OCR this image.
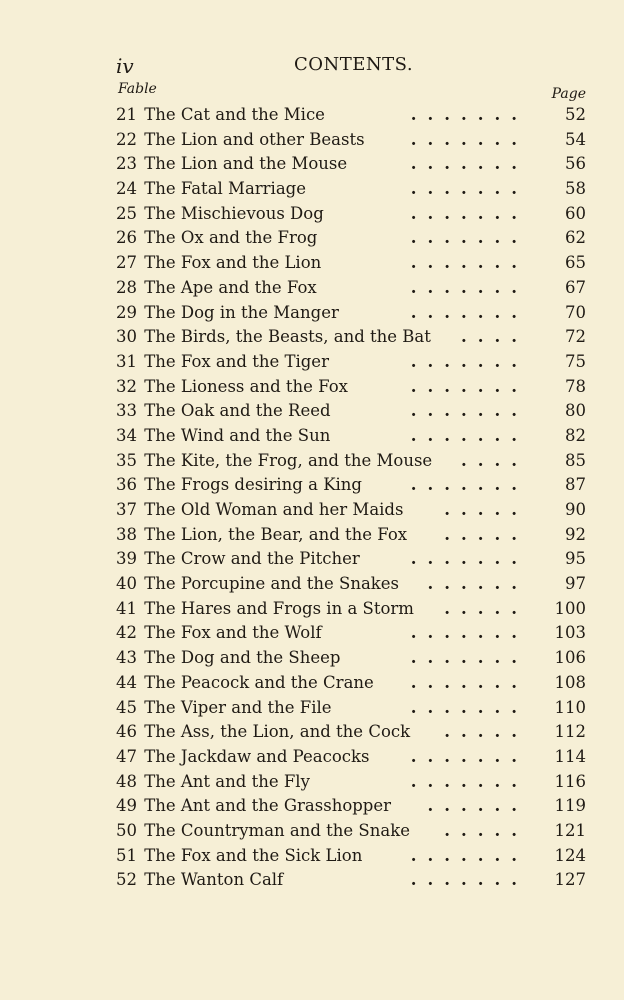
iv	CONTENTS.
Fable	Page
21 The Cat and the Mice	.......	52
22 The Lion and other Beasts	.......	54
23 The Lion and the Mouse	.......	56
24 The Fatal Marriage	.......	58
25 The Mischievous Dog	.......	60
26 The Ox and the Frog	.......	62
27 The Fox and the Lion	.......	65
28 The Ape and the Fox	.......	67
29 The Dog in the Manger	.......	70
30 The Birds, the Beasts, and the Bat ....	72
31 The Fox and the Tiger	.......	75
32 The Lioness and the Fox	.......	78
33 The Oak and the Reed	.......	80
34 The Wind and the Sun	.......	82
35 The Kite, the Frog, and the Mouse ....	85
36 The Frogs desiring a King	.......	87
37 The Old Woman and her Maids .....	90
38 The Lion, the Bear, and the Fox .....	92
39 The Crow and the Pitcher	.......	95
40 The Porcupine and the Snakes ......	97
41 The Hares and Frogs in a Storm .....	100
42 The Fox and the Wolf	.......	103
43 The Dog and the Sheep	.......	106
44 The Peacock and the Crane .......	108
45 The Viper and the File	.......	110
46 The Ass, the Lion, and the Cock .....	112
47 The Jackdaw and Peacocks	.......	114
48 The Ant and the Fly	.......	116
49 The Ant and the Grasshopper ......	119
50 The Countryman and the Snake .....	121
51 The Fox and the Sick Lion	.......	124
52 The Wanton Calf	.......	127
